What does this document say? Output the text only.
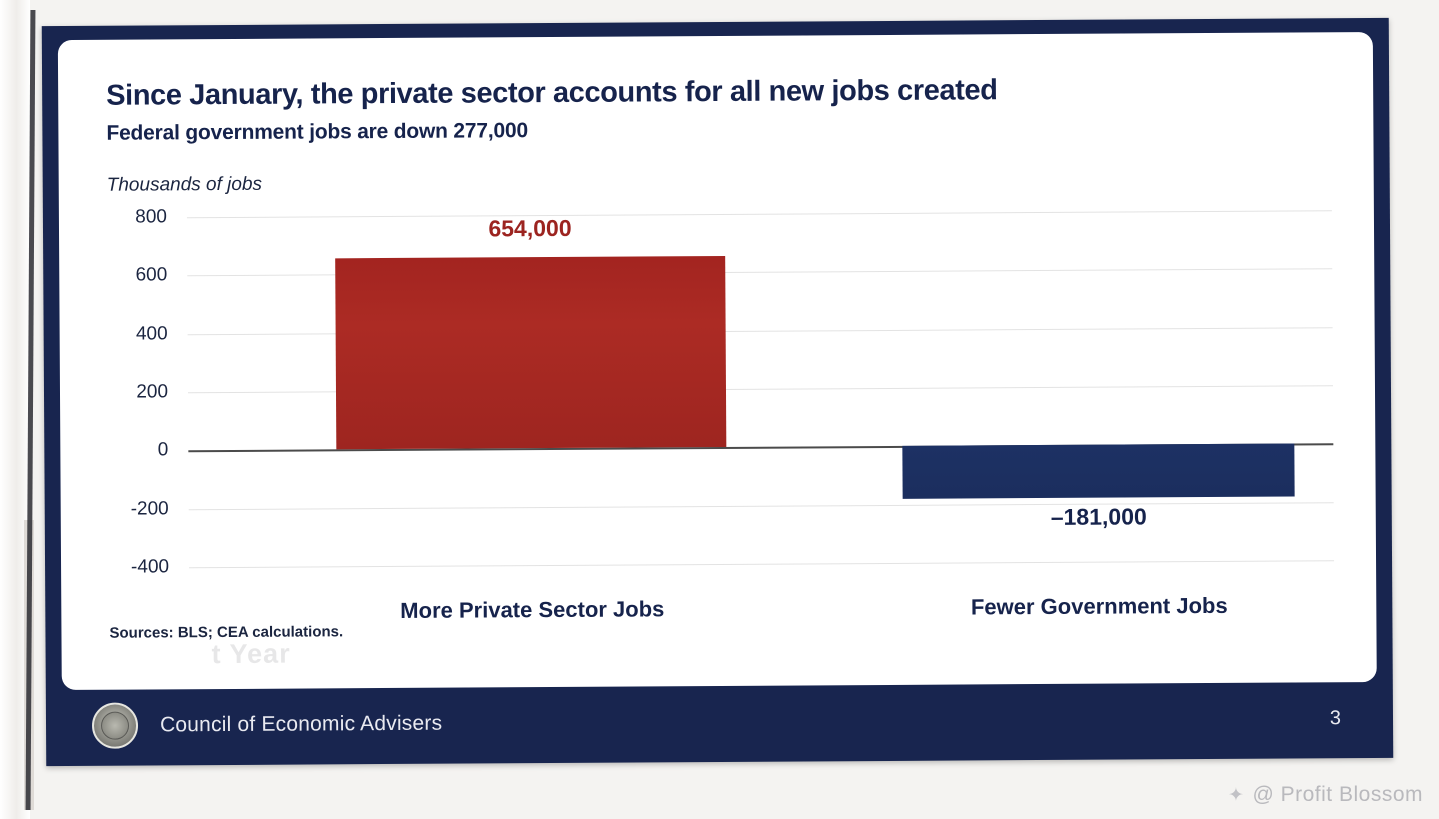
Since January, the private sector accounts for all new jobs created
Federal government jobs are down 277,000
Thousands of jobs
t Year
800
600
400
200
0
-200
-400
654,000
–181,000
More Private Sector Jobs	Fewer Government Jobs
Sources: BLS; CEA calculations.
Council of Economic Advisers	3
✦ @ Profit Blossom
